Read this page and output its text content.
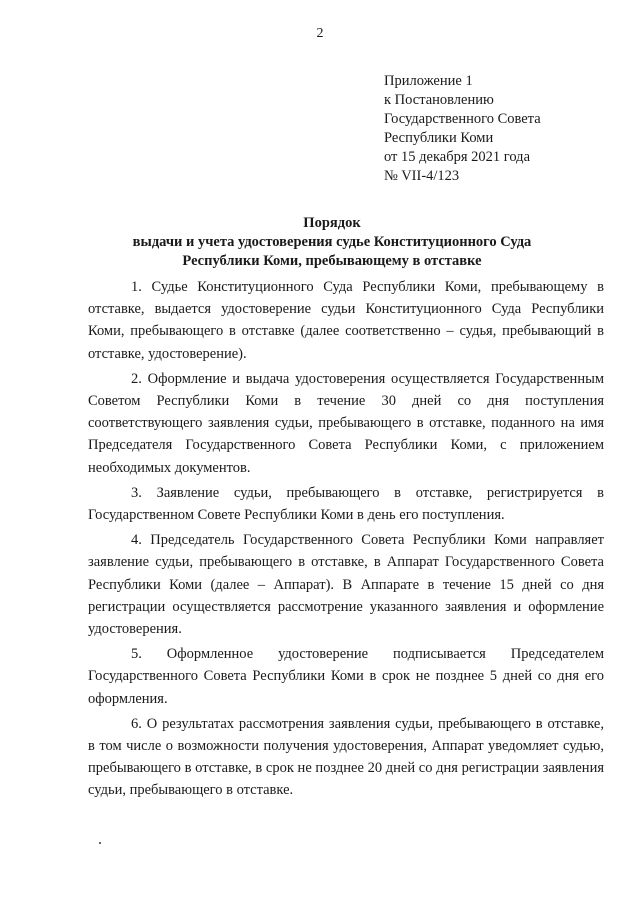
2
Приложение 1
к Постановлению
Государственного Совета
Республики Коми
от 15 декабря 2021 года
№ VII-4/123
Порядок
выдачи и учета удостоверения судье Конституционного Суда
Республики Коми, пребывающему в отставке

1. Судье Конституционного Суда Республики Коми, пребывающему в отставке, выдается удостоверение судьи Конституционного Суда Республики Коми, пребывающего в отставке (далее соответственно – судья, пребывающий в отставке, удостоверение).

2. Оформление и выдача удостоверения осуществляется Государственным Советом Республики Коми в течение 30 дней со дня поступления соответствующего заявления судьи, пребывающего в отставке, поданного на имя Председателя Государственного Совета Республики Коми, с приложением необходимых документов.

3. Заявление судьи, пребывающего в отставке, регистрируется в Государственном Совете Республики Коми в день его поступления.

4. Председатель Государственного Совета Республики Коми направляет заявление судьи, пребывающего в отставке, в Аппарат Государственного Совета Республики Коми (далее – Аппарат). В Аппарате в течение 15 дней со дня регистрации осуществляется рассмотрение указанного заявления и оформление удостоверения.

5. Оформленное удостоверение подписывается Председателем Государственного Совета Республики Коми в срок не позднее 5 дней со дня его оформления.

6. О результатах рассмотрения заявления судьи, пребывающего в отставке, в том числе о возможности получения удостоверения, Аппарат уведомляет судью, пребывающего в отставке, в срок не позднее 20 дней со дня регистрации заявления судьи, пребывающего в отставке.
